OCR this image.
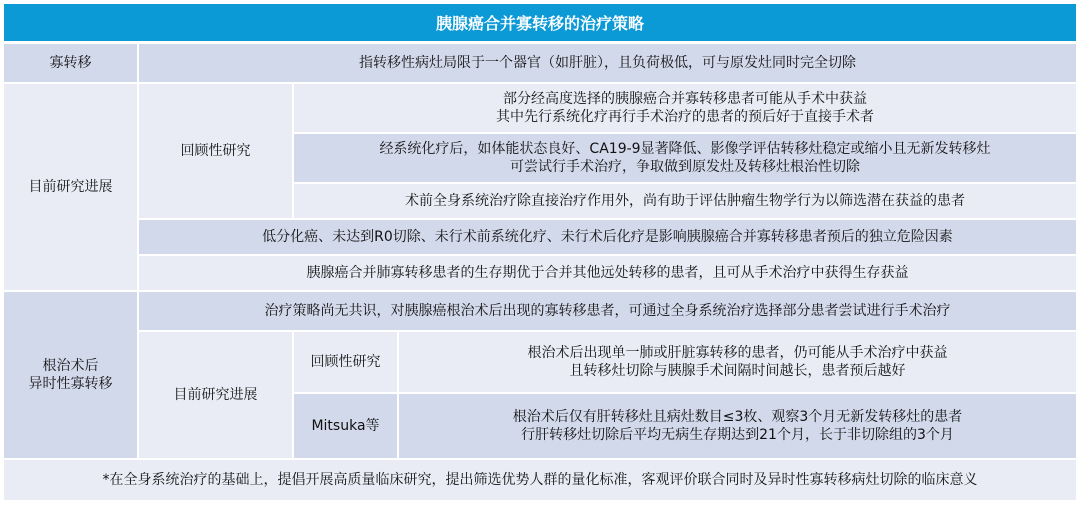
胰腺癌合并寡转移的治疗策略
寡转移	指转移性病灶局限于一个器官（如肝脏），且负荷极低，可与原发灶同时完全切除
目前研究进展
回顾性研究
部分经高度选择的胰腺癌合并寡转移患者可能从手术中获益
其中先行系统化疗再行手术治疗的患者的预后好于直接手术者
经系统化疗后，如体能状态良好、CA19-9显著降低、影像学评估转移灶稳定或缩小且无新发转移灶
可尝试行手术治疗，争取做到原发灶及转移灶根治性切除
术前全身系统治疗除直接治疗作用外，尚有助于评估肿瘤生物学行为以筛选潜在获益的患者
低分化癌、未达到R0切除、未行术前系统化疗、未行术后化疗是影响胰腺癌合并寡转移患者预后的独立危险因素
胰腺癌合并肺寡转移患者的生存期优于合并其他远处转移的患者，且可从手术治疗中获得生存获益
根治术后
异时性寡转移
治疗策略尚无共识，对胰腺癌根治术后出现的寡转移患者，可通过全身系统治疗选择部分患者尝试进行手术治疗
目前研究进展
回顾性研究
根治术后出现单一肺或肝脏寡转移的患者，仍可能从手术治疗中获益
且转移灶切除与胰腺手术间隔时间越长，患者预后越好
Mitsuka等
根治术后仅有肝转移灶且病灶数目≤3枚、观察3个月无新发转移灶的患者
行肝转移灶切除后平均无病生存期达到21个月，长于非切除组的3个月
*在全身系统治疗的基础上，提倡开展高质量临床研究，提出筛选优势人群的量化标准，客观评价联合同时及异时性寡转移病灶切除的临床意义
